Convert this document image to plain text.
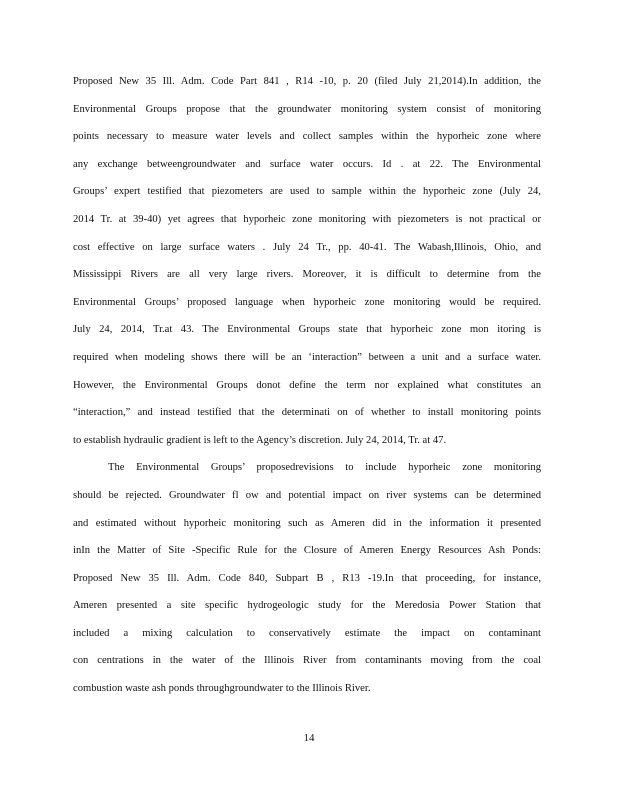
Proposed New 35 Ill. Adm. Code Part 841 , R14 -10, p. 20 (filed July 21,2014).In addition, the
Environmental Groups propose that the groundwater monitoring system consist of monitoring
points necessary to measure water levels and collect samples within the hyporheic zone where
any exchange betweengroundwater and surface water occurs. Id . at 22. The Environmental
Groups’ expert testified that piezometers are used to sample within the hyporheic zone (July 24,
2014 Tr. at 39-40) yet agrees that hyporheic zone monitoring with piezometers is not practical or
cost effective on large surface waters . July 24 Tr., pp. 40-41. The Wabash,Illinois, Ohio, and
Mississippi Rivers are all very large rivers. Moreover, it is difficult to determine from the
Environmental Groups’ proposed language when hyporheic zone monitoring would be required.
July 24, 2014, Tr.at 43. The Environmental Groups state that hyporheic zone mon itoring is
required when modeling shows there will be an ‘interaction” between a unit and a surface water.
However, the Environmental Groups donot define the term nor explained what constitutes an
“interaction,” and instead testified that the determinati on of whether to install monitoring points
to establish hydraulic gradient is left to the Agency’s discretion. July 24, 2014, Tr. at 47.
The Environmental Groups’ proposedrevisions to include hyporheic zone monitoring
should be rejected. Groundwater fl ow and potential impact on river systems can be determined
and estimated without hyporheic monitoring such as Ameren did in the information it presented
inIn the Matter of Site -Specific Rule for the Closure of Ameren Energy Resources Ash Ponds:
Proposed New 35 Ill. Adm. Code 840, Subpart B , R13 -19.In that proceeding, for instance,
Ameren presented a site specific hydrogeologic study for the Meredosia Power Station that
included a mixing calculation to conservatively estimate the impact on contaminant
con centrations in the water of the Illinois River from contaminants moving from the coal
combustion waste ash ponds throughgroundwater to the Illinois River.
14
